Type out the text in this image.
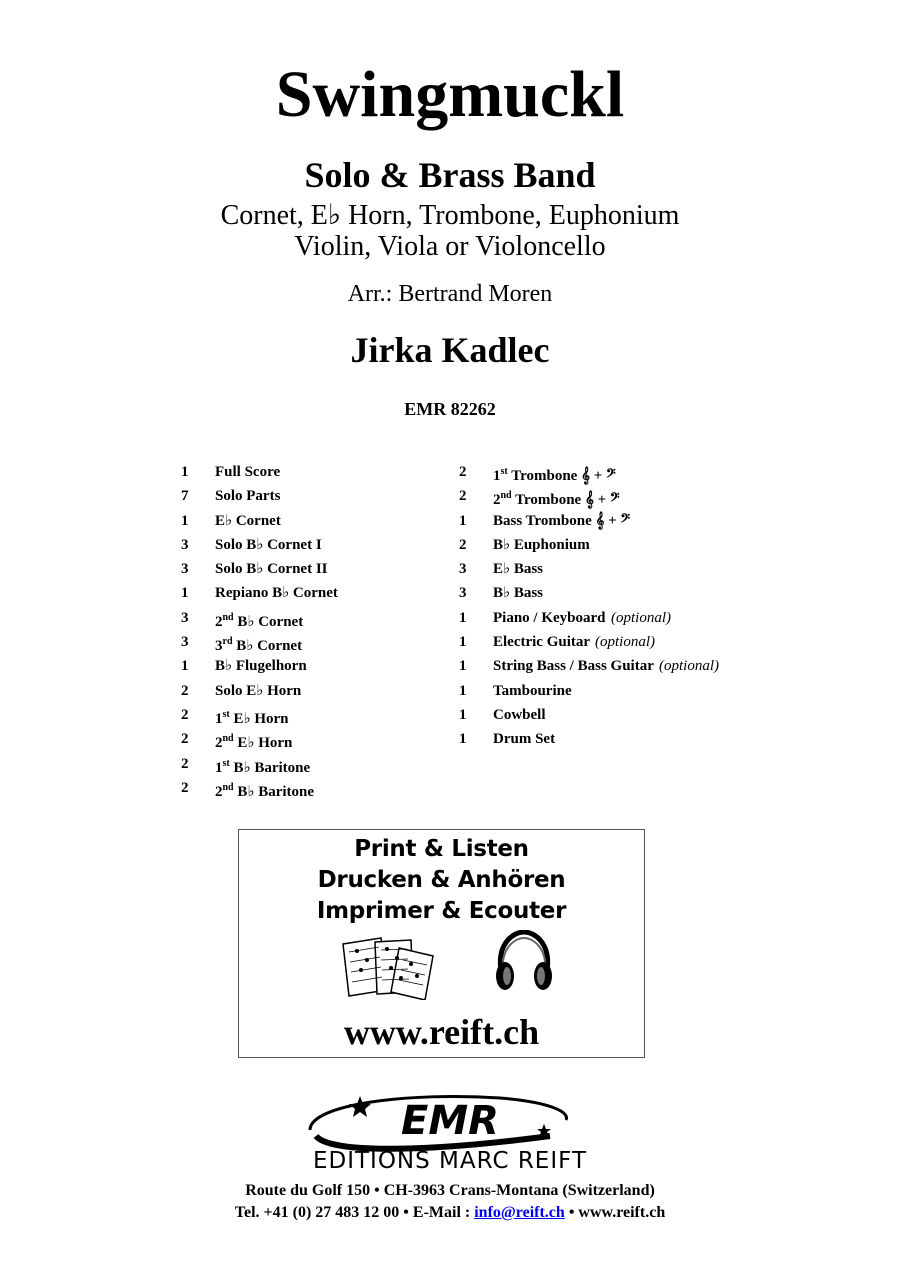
Swingmuckl
Solo & Brass Band
Cornet, E♭ Horn, Trombone, Euphonium
Violin, Viola or Violoncello
Arr.: Bertrand Moren
Jirka Kadlec
EMR 82262
1 Full Score
7 Solo Parts
1 E♭ Cornet
3 Solo B♭ Cornet I
3 Solo B♭ Cornet II
1 Repiano B♭ Cornet
3 2nd B♭ Cornet
3 3rd B♭ Cornet
1 B♭ Flugelhorn
2 Solo E♭ Horn
2 1st E♭ Horn
2 2nd E♭ Horn
2 1st B♭ Baritone
2 2nd B♭ Baritone
2 1st Trombone 𝄞 + 𝄢
2 2nd Trombone 𝄞 + 𝄢
1 Bass Trombone 𝄞 + 𝄢
2 B♭ Euphonium
3 E♭ Bass
3 B♭ Bass
1 Piano / Keyboard (optional)
1 Electric Guitar (optional)
1 String Bass / Bass Guitar (optional)
1 Tambourine
1 Cowbell
1 Drum Set
Print & Listen
Drucken & Anhören
Imprimer & Ecouter
www.reift.ch
EMR
EDITIONS MARC REIFT
Route du Golf 150 • CH-3963 Crans-Montana (Switzerland)
Tel. +41 (0) 27 483 12 00 • E-Mail : info@reift.ch • www.reift.ch
